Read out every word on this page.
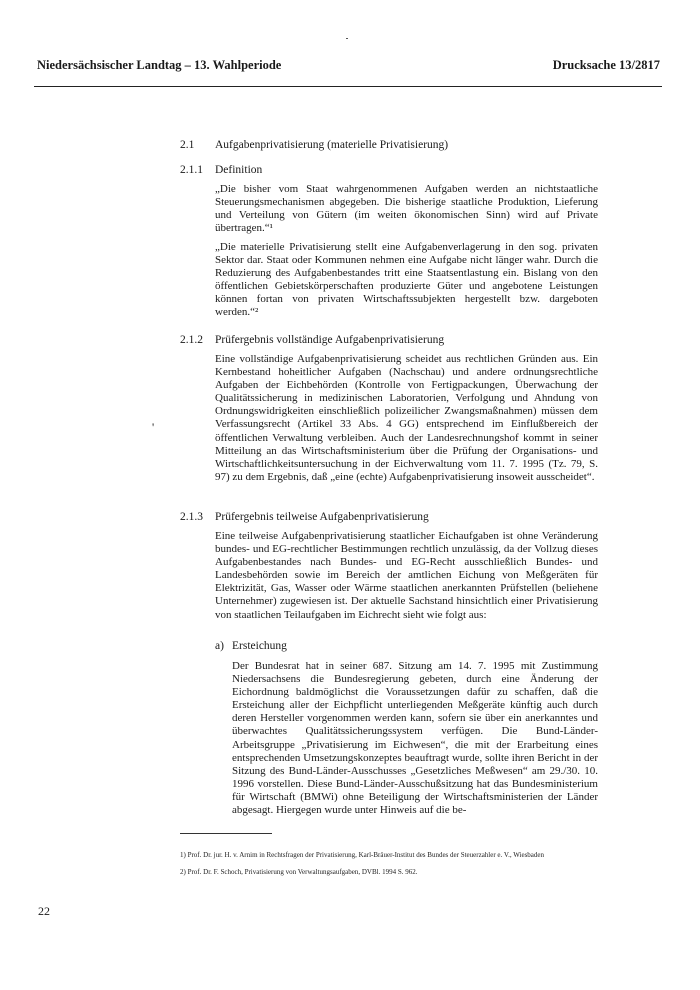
Niedersächsischer Landtag – 13. Wahlperiode	Drucksache 13/2817
2.1 Aufgabenprivatisierung (materielle Privatisierung)
2.1.1 Definition
„Die bisher vom Staat wahrgenommenen Aufgaben werden an nichtstaatliche Steuerungsmechanismen abgegeben. Die bisherige staatliche Produktion, Lieferung und Verteilung von Gütern (im weiten ökonomischen Sinn) wird auf Private übertragen.“¹
„Die materielle Privatisierung stellt eine Aufgabenverlagerung in den sog. privaten Sektor dar. Staat oder Kommunen nehmen eine Aufgabe nicht länger wahr. Durch die Reduzierung des Aufgabenbestandes tritt eine Staatsentlastung ein. Bislang von den öffentlichen Gebietskörperschaften produzierte Güter und angebotene Leistungen können fortan von privaten Wirtschaftssubjekten hergestellt bzw. dargeboten werden.“²
2.1.2 Prüfergebnis vollständige Aufgabenprivatisierung
Eine vollständige Aufgabenprivatisierung scheidet aus rechtlichen Gründen aus. Ein Kernbestand hoheitlicher Aufgaben (Nachschau) und andere ordnungsrechtliche Aufgaben der Eichbehörden (Kontrolle von Fertigpackungen, Überwachung der Qualitätssicherung in medizinischen Laboratorien, Verfolgung und Ahndung von Ordnungswidrigkeiten einschließlich polizeilicher Zwangsmaßnahmen) müssen dem Verfassungsrecht (Artikel 33 Abs. 4 GG) entsprechend im Einflußbereich der öffentlichen Verwaltung verbleiben. Auch der Landesrechnungshof kommt in seiner Mitteilung an das Wirtschaftsministerium über die Prüfung der Organisations- und Wirtschaftlichkeitsuntersuchung in der Eichverwaltung vom 11. 7. 1995 (Tz. 79, S. 97) zu dem Ergebnis, daß „eine (echte) Aufgabenprivatisierung insoweit ausscheidet“.
'
2.1.3 Prüfergebnis teilweise Aufgabenprivatisierung
Eine teilweise Aufgabenprivatisierung staatlicher Eichaufgaben ist ohne Veränderung bundes- und EG-rechtlicher Bestimmungen rechtlich unzulässig, da der Vollzug dieses Aufgabenbestandes nach Bundes- und EG-Recht ausschließlich Bundes- und Landesbehörden sowie im Bereich der amtlichen Eichung von Meßgeräten für Elektrizität, Gas, Wasser oder Wärme staatlichen anerkannten Prüfstellen (beliehene Unternehmer) zugewiesen ist. Der aktuelle Sachstand hinsichtlich einer Privatisierung von staatlichen Teilaufgaben im Eichrecht sieht wie folgt aus:
a) Ersteichung
Der Bundesrat hat in seiner 687. Sitzung am 14. 7. 1995 mit Zustimmung Niedersachsens die Bundesregierung gebeten, durch eine Änderung der Eichordnung baldmöglichst die Voraussetzungen dafür zu schaffen, daß die Ersteichung aller der Eichpflicht unterliegenden Meßgeräte künftig auch durch deren Hersteller vorgenommen werden kann, sofern sie über ein anerkanntes und überwachtes Qualitätssicherungssystem verfügen. Die Bund-Länder-Arbeitsgruppe „Privatisierung im Eichwesen“, die mit der Erarbeitung eines entsprechenden Umsetzungskonzeptes beauftragt wurde, sollte ihren Bericht in der Sitzung des Bund-Länder-Ausschusses „Gesetzliches Meßwesen“ am 29./30. 10. 1996 vorstellen. Diese Bund-Länder-Ausschußsitzung hat das Bundesministerium für Wirtschaft (BMWi) ohne Beteiligung der Wirtschaftsministerien der Länder abgesagt. Hiergegen wurde unter Hinweis auf die be-
1) Prof. Dr. jur. H. v. Arnim in Rechtsfragen der Privatisierung, Karl-Bräuer-Institut des Bundes der Steuerzahler e. V., Wiesbaden
2) Prof. Dr. F. Schoch, Privatisierung von Verwaltungsaufgaben, DVBl. 1994 S. 962.
22
